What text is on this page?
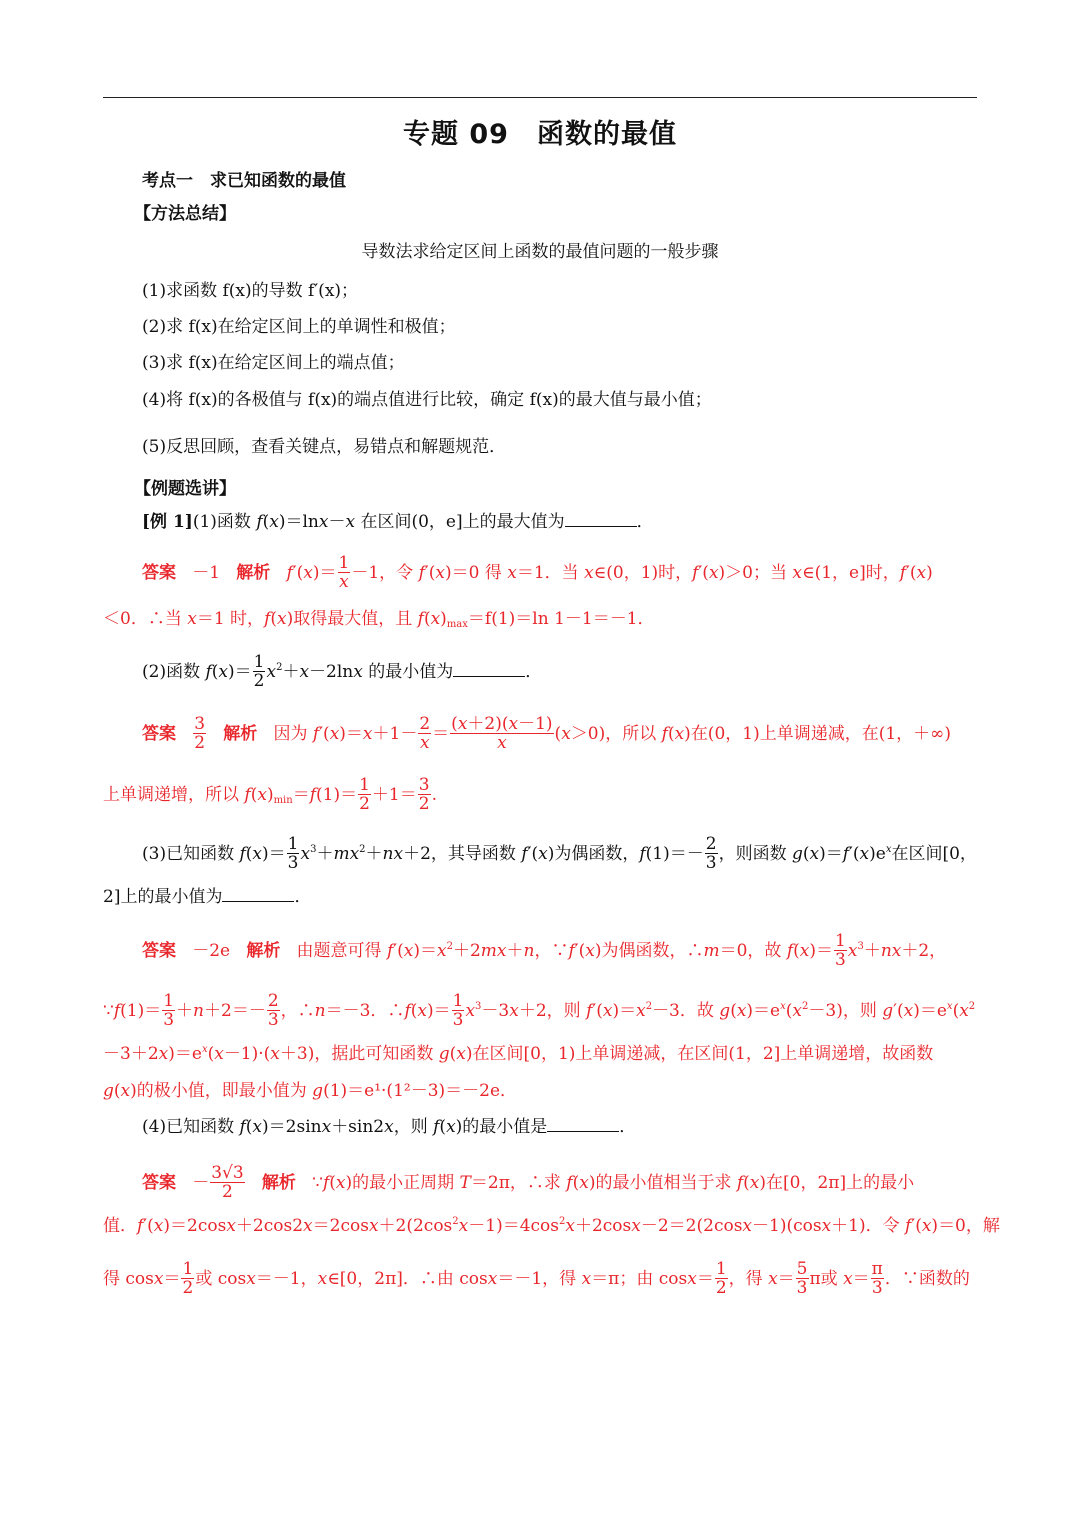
专题 09　函数的最值
考点一　求已知函数的最值
【方法总结】
导数法求给定区间上函数的最值问题的一般步骤
(1)求函数 f(x)的导数 f′(x)；
(2)求 f(x)在给定区间上的单调性和极值；
(3)求 f(x)在给定区间上的端点值；
(4)将 f(x)的各极值与 f(x)的端点值进行比较，确定 f(x)的最大值与最小值；
(5)反思回顾，查看关键点，易错点和解题规范．
【例题选讲】
[例 1](1)函数 f(x)＝lnx－x 在区间(0，e]上的最大值为	．
答案 －1 解析 $f'(x)= \frac{1}{x} -1$，令 f′(x)＝0 得 x＝1．当 x∈(0，1)时，f′(x)＞0；当 x∈(1，e]时，f′(x)
＜0．∴当 x＝1 时，f(x)取得最大值，且 $f(x)_{max}=f(1)=\ln$ 1－1＝－1．
(2)函数 $f(x)= \frac{1}{2} x^2+x-2\ln x$ 的最小值为	．
答案 $\frac{3}{2}$ 解析 因为 $f'(x)=x+1- \frac{2}{x} = \frac{(x+2)(x-1)}{x} (x>0)$，所以 f(x)在(0，1)上单调递减，在(1，＋∞)
上单调递增，所以 $f(x)_{min}=f(1)= \frac{1}{2} +1= \frac{3}{2}$ .
(3)已知函数 $f(x)= \frac{1}{3} x^3+mx^2+nx+2$，其导函数 f′(x)为偶函数，$f(1)=- \frac{2}{3}$ ，则函数 $g(x)=f'(x)e^x$在区间[0，
2]上的最小值为	．
答案 －2e 解析 由题意可得 $f'(x)=x^2+2mx+n$，∵f′(x)为偶函数，∴m＝0，故 $f(x)= \frac{1}{3} x^3+nx+2$，
∵f(1)＝ $\frac{1}{3} +n+2=- \frac{2}{3}$ ，∴n＝－3．∴f(x)＝ $\frac{1}{3} x^3-3x+2$，则 $f'(x)=x^2-3$．故 $g(x)=e^x(x^2-3)$，则 $g'(x)=e^x(x^2$
$-3+2x)=e^x(x-1)\cdot(x+3)$，据此可知函数 g(x)在区间[0，1)上单调递减，在区间(1，2]上单调递增，故函数
g(x)的极小值，即最小值为 g(1)＝e¹·(1²－3)＝－2e．
(4)已知函数 f(x)＝2sinx＋sin2x，则 f(x)的最小值是	．
答案   － $\frac{3√3}{2}$ 解析 ∵f(x)的最小正周期 T＝2π，∴求 f(x)的最小值相当于求 f(x)在[0，2π]上的最小
值．$f'(x)=2\cos x+2\cos 2x=2\cos x+2(2\cos^2x-1)=4\cos^2x+2\cos x-2=2(2\cos x-1)(\cos x+1)$．令 f′(x)＝0，解
得 $\cos x= \frac{1}{2}$ 或 cosx＝－1，x∈[0，2π]．∴由 cosx＝－1，得 x＝π；由 $\cos x= \frac{1}{2}$ ，得 $x= \frac{5}{3}$ π或 $x= \frac{\pi}{3}$ ．∵函数的
